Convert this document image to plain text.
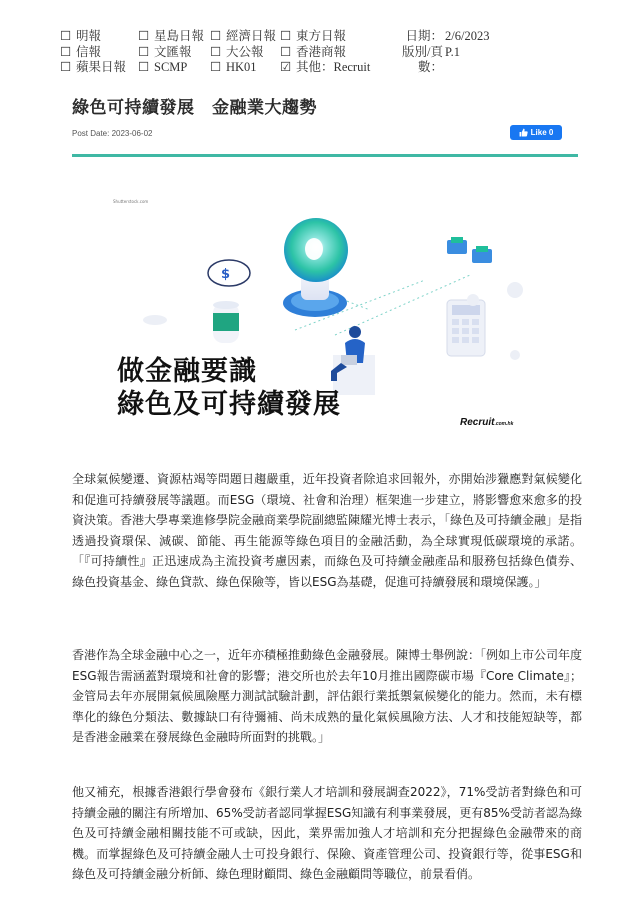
☐ 明報	☐ 星島日報 ☐ 經濟日報 ☐ 東方日報
☐ 信報	☐ 文匯報	☐ 大公報	☐ 香港商報
☐ 蘋果日報 ☐ SCMP	☐ HK01	☑ 其他：Recruit
日期： 2/6/2023
版別/頁數：
P.1
綠色可持續發展　金融業大趨勢
Post Date: 2023-06-02	Like 0
Shutterstock.com
$
做金融要識
綠色及可持續發展
Recruit.com.hk

全球氣候變遷、資源枯竭等問題日趨嚴重，近年投資者除追求回報外，亦開始涉獵應對氣候變化和促進可持續發展等議題。而ESG（環境、社會和治理）框架進一步建立，將影響愈來愈多的投資決策。香港大學專業進修學院金融商業學院副總監陳耀光博士表示，「綠色及可持續金融」是指透過投資環保、減碳、節能、再生能源等綠色項目的金融活動，為全球實現低碳環境的承諾。「『可持續性』正迅速成為主流投資考慮因素，而綠色及可持續金融產品和服務包括綠色債券、綠色投資基金、綠色貸款、綠色保險等，皆以ESG為基礎，促進可持續發展和環境保護。」

香港作為全球金融中心之一，近年亦積極推動綠色金融發展。陳博士舉例說：「例如上市公司年度ESG報告需涵蓋對環境和社會的影響；港交所也於去年10月推出國際碳市場『Core Climate』；金管局去年亦展開氣候風險壓力測試試驗計劃，評估銀行業抵禦氣候變化的能力。然而，未有標準化的綠色分類法、數據缺口有待彌補、尚未成熟的量化氣候風險方法、人才和技能短缺等，都是香港金融業在發展綠色金融時所面對的挑戰。」

他又補充，根據香港銀行學會發布《銀行業人才培訓和發展調查2022》，71%受訪者對綠色和可持續金融的關注有所增加、65%受訪者認同掌握ESG知識有利事業發展，更有85%受訪者認為綠色及可持續金融相關技能不可或缺，因此，業界需加強人才培訓和充分把握綠色金融帶來的商機。而掌握綠色及可持續金融人士可投身銀行、保險、資產管理公司、投資銀行等，從事ESG和綠色及可持續金融分析師、綠色理財顧問、綠色金融顧問等職位，前景看俏。
